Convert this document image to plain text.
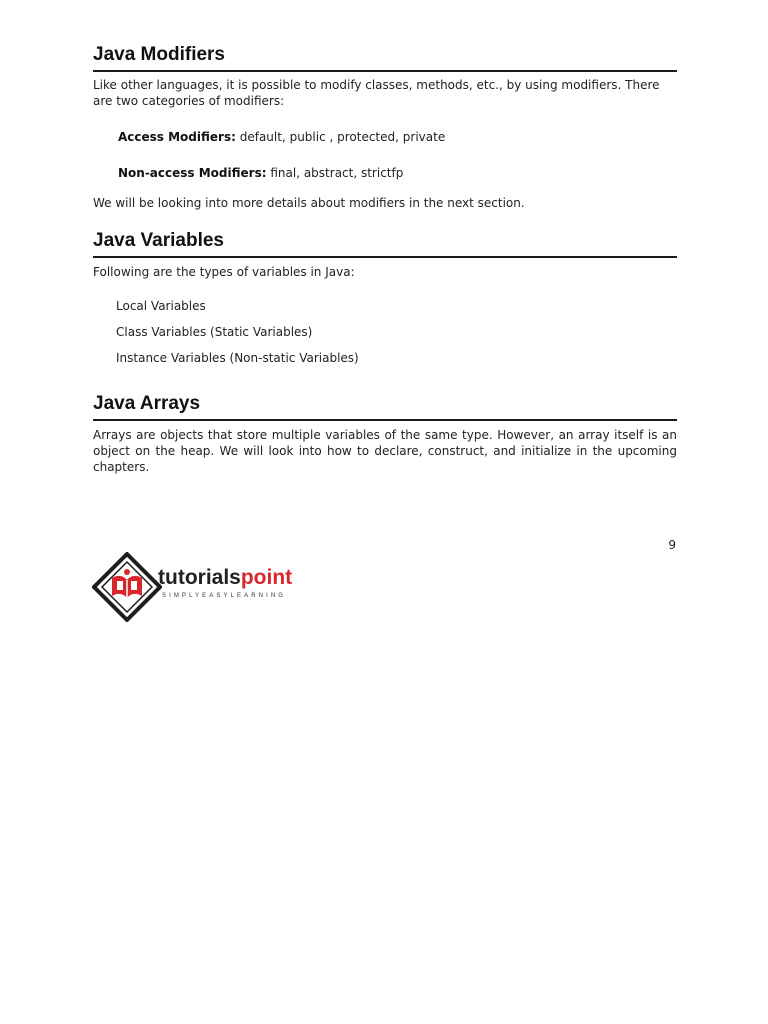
Java Modifiers

Like other languages, it is possible to modify classes, methods, etc., by using modifiers. There are two categories of modifiers:

Access Modifiers: default, public , protected, private

Non-access Modifiers: final, abstract, strictfp

We will be looking into more details about modifiers in the next section.

Java Variables

Following are the types of variables in Java:

Local Variables
Class Variables (Static Variables)
Instance Variables (Non-static Variables)
Java Arrays

Arrays are objects that store multiple variables of the same type. However, an array itself is an object on the heap. We will look into how to declare, construct, and initialize in the upcoming chapters.

9
tutorialspoint
SIMPLYEASYLEARNING
